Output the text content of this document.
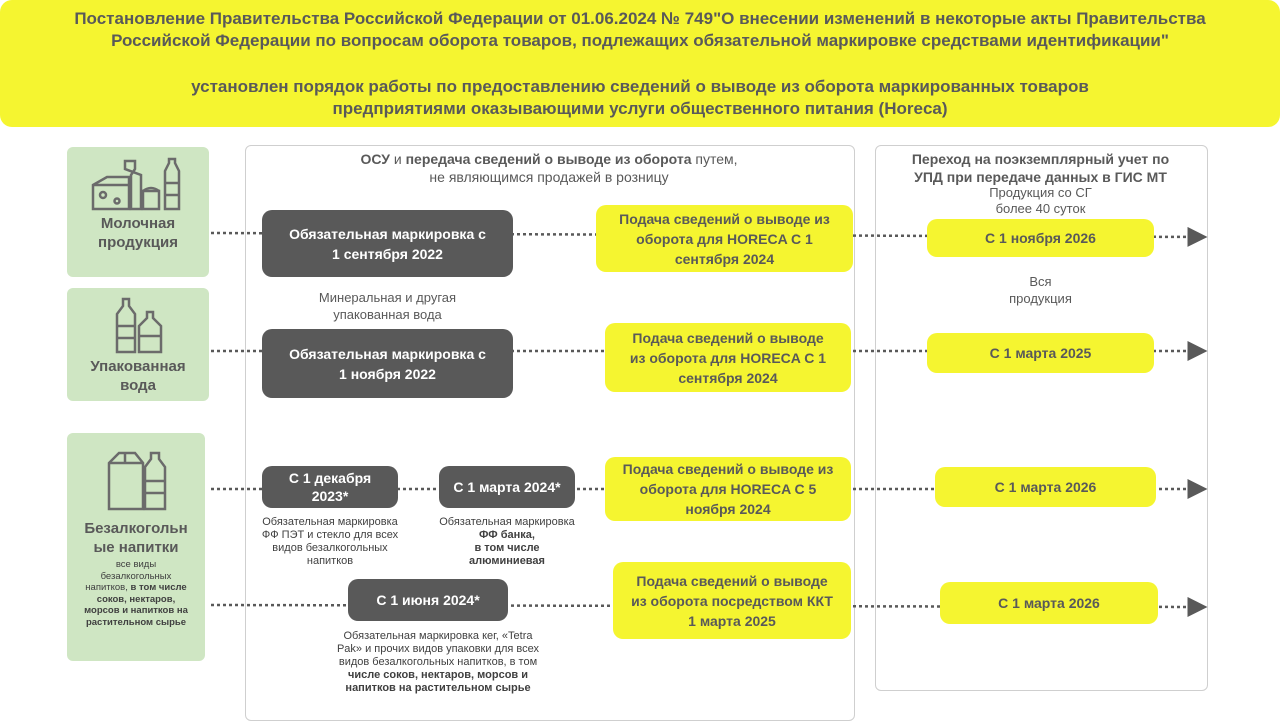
Постановление Правительства Российской Федерации от 01.06.2024 № 749"О внесении изменений в некоторые акты Правительства
Российской Федерации по вопросам оборота товаров, подлежащих обязательной маркировке средствами идентификации"
установлен порядок работы по предоставлению сведений о выводе из оборота маркированных товаров
предприятиями оказывающими услуги общественного питания (Horeca)
Молочная
продукция
Упакованная
вода
Безалкогольн
ые напитки
все виды
безалкогольных
напитков, в том числе
соков, нектаров,
морсов и напитков на
растительном сырье
ОСУ и передача сведений о выводе из оборота путем,
не являющимся продажей в розницу
Обязательная маркировка с
1 сентября 2022
Минеральная и другая
упакованная вода
Обязательная маркировка с
1 ноября 2022
С 1 декабря
2023*
Обязательная маркировка
ФФ ПЭТ и стекло для всех
видов безалкогольных
напитков
С 1 марта 2024*
Обязательная маркировка
ФФ банка,
в том числе
алюминиевая
С 1 июня 2024*
Обязательная маркировка кег, «Tetra
Pak» и прочих видов упаковки для всех
видов безалкогольных напитков, в том
числе соков, нектаров, морсов и
напитков на растительном сырье
Подача сведений о выводе из
оборота для HORECA С 1
сентября 2024
Подача сведений о выводе
из оборота для HORECA С 1
сентября 2024
Подача сведений о выводе из
оборота для HORECA С 5
ноября 2024
Подача сведений о выводе
из оборота посредством ККТ
1 марта 2025
Переход на поэкземплярный учет по
УПД при передаче данных в ГИС МТ
Продукция со СГ
более 40 суток
С 1 ноября 2026
Вся
продукция
С 1 марта 2025
С 1 марта 2026
С 1 марта 2026
